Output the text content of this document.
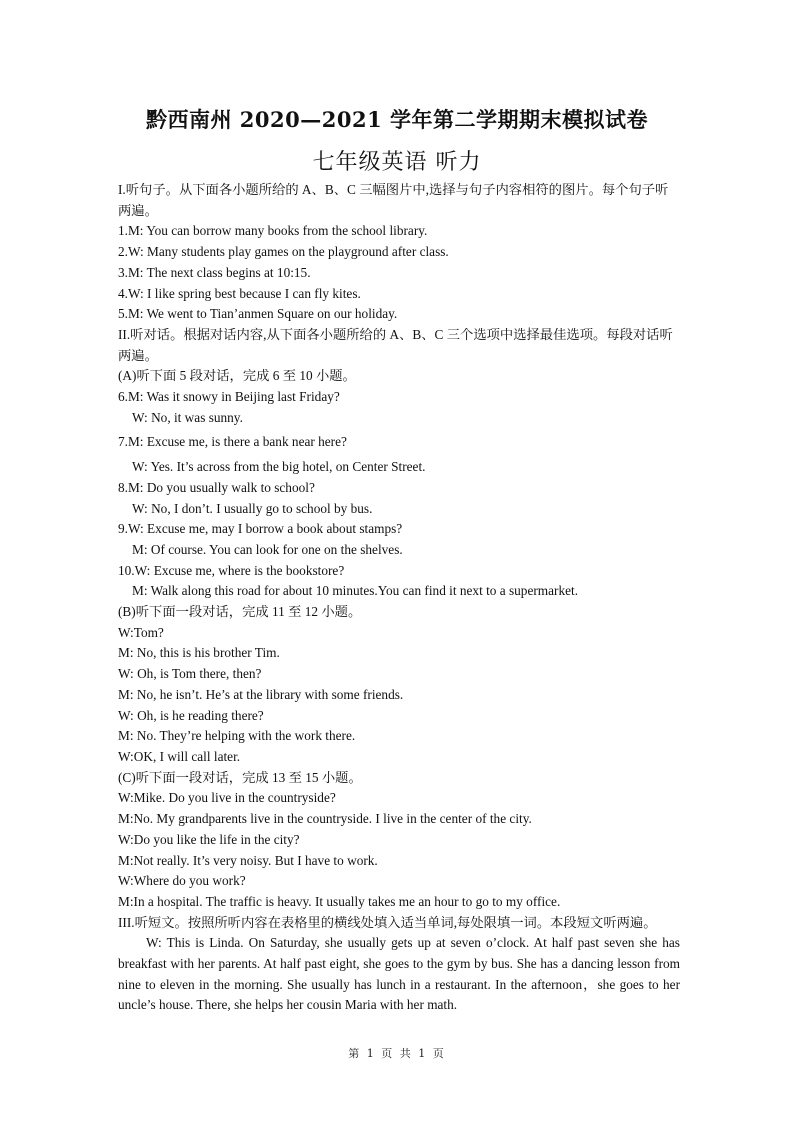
黔西南州 2020—2021 学年第二学期期末模拟试卷
七年级英语 听力

I.听句子。从下面各小题所给的 A、B、C 三幅图片中,选择与句子内容相符的图片。每个句子听两遍。

1.M: You can borrow many books from the school library.

2.W: Many students play games on the playground after class.

3.M: The next class begins at 10:15.

4.W: I like spring best because I can fly kites.

5.M: We went to Tian’anmen Square on our holiday.

II.听对话。根据对话内容,从下面各小题所给的 A、B、C 三个选项中选择最佳选项。每段对话听两遍。

(A)听下面 5 段对话，完成 6 至 10 小题。

6.M: Was it snowy in Beijing last Friday?

W: No, it was sunny.

7.M: Excuse me, is there a bank near here?

W: Yes. It’s across from the big hotel, on Center Street.

8.M: Do you usually walk to school?

W: No, I don’t. I usually go to school by bus.

9.W: Excuse me, may I borrow a book about stamps?

M: Of course. You can look for one on the shelves.

10.W: Excuse me, where is the bookstore?

M: Walk along this road for about 10 minutes.You can find it next to a supermarket.

(B)听下面一段对话，完成 11 至 12 小题。

W:Tom?

M: No, this is his brother Tim.

W: Oh, is Tom there, then?

M: No, he isn’t. He’s at the library with some friends.

W: Oh, is he reading there?

M: No. They’re helping with the work there.

W:OK, I will call later.

(C)听下面一段对话，完成 13 至 15 小题。

W:Mike. Do you live in the countryside?

M:No. My grandparents live in the countryside. I live in the center of the city.

W:Do you like the life in the city?

M:Not really. It’s very noisy. But I have to work.

W:Where do you work?

M:In a hospital. The traffic is heavy. It usually takes me an hour to go to my office.

III.听短文。按照所听内容在表格里的横线处填入适当单词,每处限填一词。本段短文听两遍。

W: This is Linda. On Saturday, she usually gets up at seven o’clock. At half past seven she has breakfast with her parents. At half past eight, she goes to the gym by bus. She has a dancing lesson from nine to eleven in the morning. She usually has lunch in a restaurant. In the afternoon，she goes to her uncle’s house. There, she helps her cousin Maria with her math.

第 1 页 共 1 页
